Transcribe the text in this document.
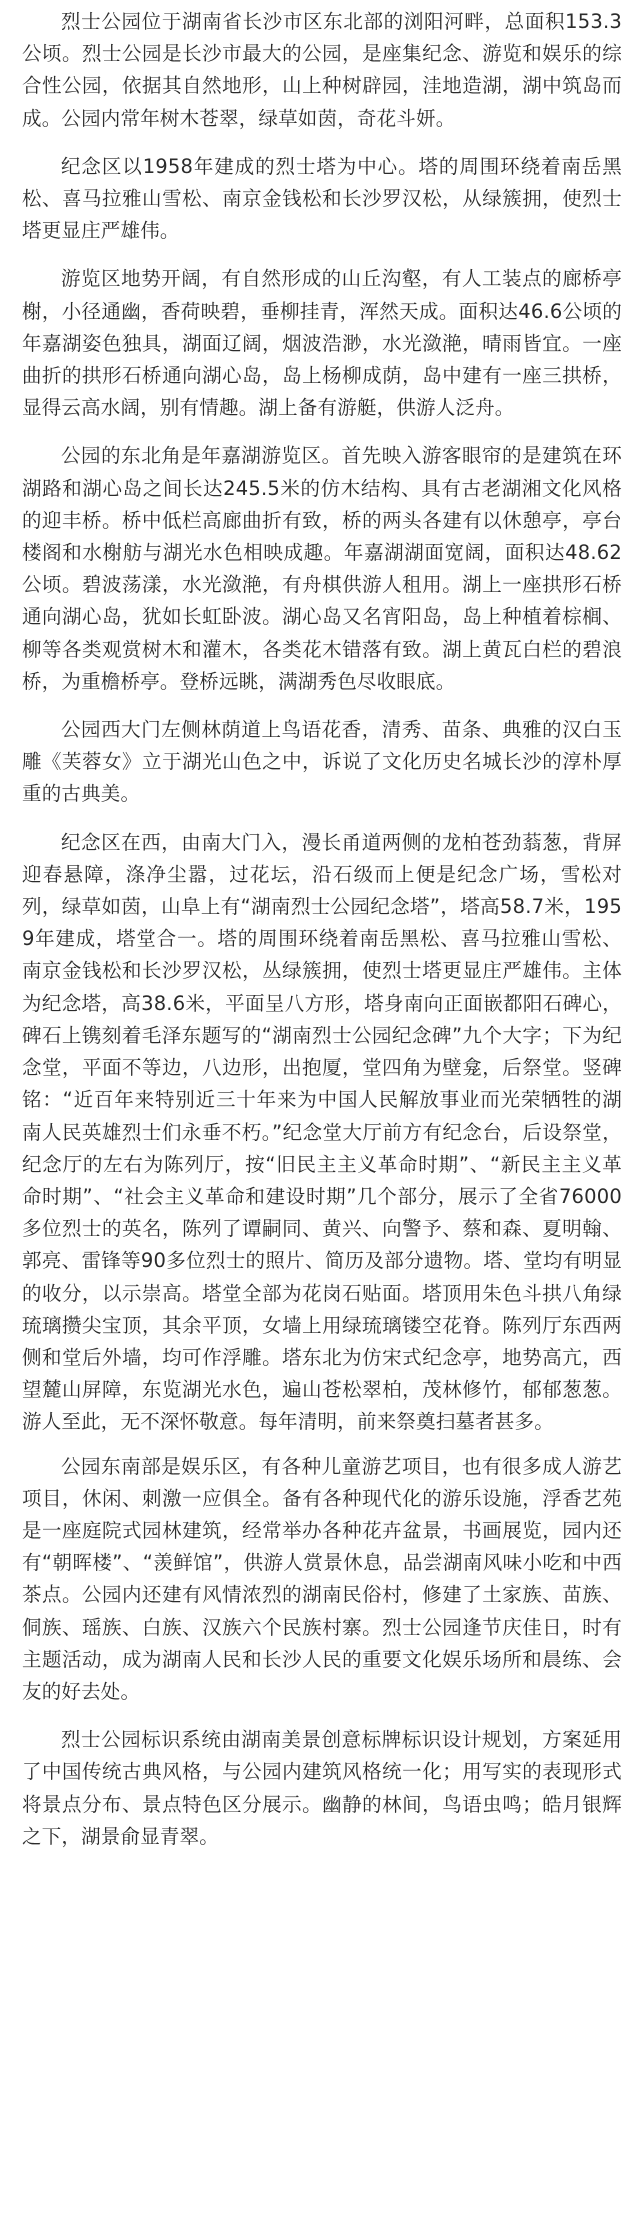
烈士公园位于湖南省长沙市区东北部的浏阳河畔，总面积153.3公顷。烈士公园是长沙市最大的公园，是座集纪念、游览和娱乐的综合性公园，依据其自然地形，山上种树辟园，洼地造湖，湖中筑岛而成。公园内常年树木苍翠，绿草如茵，奇花斗妍。

纪念区以1958年建成的烈士塔为中心。塔的周围环绕着南岳黑松、喜马拉雅山雪松、南京金钱松和长沙罗汉松，从绿簇拥，使烈士塔更显庄严雄伟。

游览区地势开阔，有自然形成的山丘沟壑，有人工装点的廊桥亭榭，小径通幽，香荷映碧，垂柳挂青，浑然天成。面积达46.6公顷的年嘉湖姿色独具，湖面辽阔，烟波浩渺，水光潋滟，晴雨皆宜。一座曲折的拱形石桥通向湖心岛，岛上杨柳成荫，岛中建有一座三拱桥，显得云高水阔，别有情趣。湖上备有游艇，供游人泛舟。

公园的东北角是年嘉湖游览区。首先映入游客眼帘的是建筑在环湖路和湖心岛之间长达245.5米的仿木结构、具有古老湖湘文化风格的迎丰桥。桥中低栏高廊曲折有致，桥的两头各建有以休憩亭，亭台楼阁和水榭舫与湖光水色相映成趣。年嘉湖湖面宽阔，面积达48.62公顷。碧波荡漾，水光潋滟，有舟棋供游人租用。湖上一座拱形石桥通向湖心岛，犹如长虹卧波。湖心岛又名宵阳岛，岛上种植着棕榈、柳等各类观赏树木和灌木，各类花木错落有致。湖上黄瓦白栏的碧浪桥，为重檐桥亭。登桥远眺，满湖秀色尽收眼底。

公园西大门左侧林荫道上鸟语花香，清秀、苗条、典雅的汉白玉雕《芙蓉女》立于湖光山色之中，诉说了文化历史名城长沙的淳朴厚重的古典美。

纪念区在西，由南大门入，漫长甬道两侧的龙柏苍劲蓊葱，背屏迎春悬障，涤净尘嚣，过花坛，沿石级而上便是纪念广场，雪松对列，绿草如茵，山阜上有“湖南烈士公园纪念塔”，塔高58.7米，1959年建成，塔堂合一。塔的周围环绕着南岳黑松、喜马拉雅山雪松、南京金钱松和长沙罗汉松，丛绿簇拥，使烈士塔更显庄严雄伟。主体为纪念塔，高38.6米，平面呈八方形，塔身南向正面嵌都阳石碑心，碑石上镌刻着毛泽东题写的“湖南烈士公园纪念碑”九个大字；下为纪念堂，平面不等边，八边形，出抱厦，堂四角为壁龛，后祭堂。竖碑铭：“近百年来特别近三十年来为中国人民解放事业而光荣牺牲的湖南人民英雄烈士们永垂不朽。”纪念堂大厅前方有纪念台，后设祭堂，纪念厅的左右为陈列厅，按“旧民主主义革命时期”、“新民主主义革命时期”、“社会主义革命和建设时期”几个部分，展示了全省76000多位烈士的英名，陈列了谭嗣同、黄兴、向警予、蔡和森、夏明翰、郭亮、雷锋等90多位烈士的照片、简历及部分遗物。塔、堂均有明显的收分，以示崇高。塔堂全部为花岗石贴面。塔顶用朱色斗拱八角绿琉璃攒尖宝顶，其余平顶，女墙上用绿琉璃镂空花脊。陈列厅东西两侧和堂后外墙，均可作浮雕。塔东北为仿宋式纪念亭，地势高亢，西望麓山屏障，东览湖光水色，遍山苍松翠柏，茂林修竹，郁郁葱葱。游人至此，无不深怀敬意。每年清明，前来祭奠扫墓者甚多。

公园东南部是娱乐区，有各种儿童游艺项目，也有很多成人游艺项目，休闲、刺激一应俱全。备有各种现代化的游乐设施，浮香艺苑是一座庭院式园林建筑，经常举办各种花卉盆景，书画展览，园内还有“朝晖楼”、“羡鲜馆”，供游人赏景休息，品尝湖南风味小吃和中西茶点。公园内还建有风情浓烈的湖南民俗村，修建了土家族、苗族、侗族、瑶族、白族、汉族六个民族村寨。烈士公园逢节庆佳日，时有主题活动，成为湖南人民和长沙人民的重要文化娱乐场所和晨练、会友的好去处。

烈士公园标识系统由湖南美景创意标牌标识设计规划，方案延用了中国传统古典风格，与公园内建筑风格统一化；用写实的表现形式将景点分布、景点特色区分展示。幽静的林间，鸟语虫鸣；皓月银辉之下，湖景俞显青翠。
